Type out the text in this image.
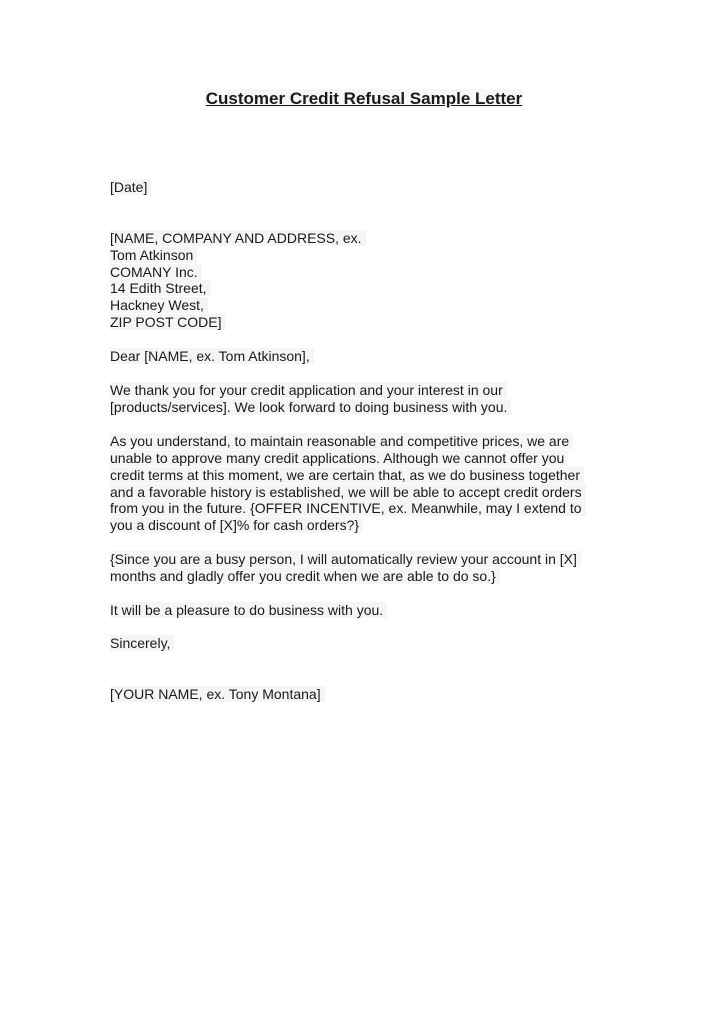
Customer Credit Refusal Sample Letter
[Date]
[NAME, COMPANY AND ADDRESS, ex.
Tom Atkinson
COMANY Inc.
14 Edith Street,
Hackney West,
ZIP POST CODE]
Dear [NAME, ex. Tom Atkinson],
We thank you for your credit application and your interest in our
[products/services]. We look forward to doing business with you.
As you understand, to maintain reasonable and competitive prices, we are
unable to approve many credit applications. Although we cannot offer you
credit terms at this moment, we are certain that, as we do business together
and a favorable history is established, we will be able to accept credit orders
from you in the future. {OFFER INCENTIVE, ex. Meanwhile, may I extend to
you a discount of [X]% for cash orders?}
{Since you are a busy person, I will automatically review your account in [X]
months and gladly offer you credit when we are able to do so.}
It will be a pleasure to do business with you.
Sincerely,
[YOUR NAME, ex. Tony Montana]
